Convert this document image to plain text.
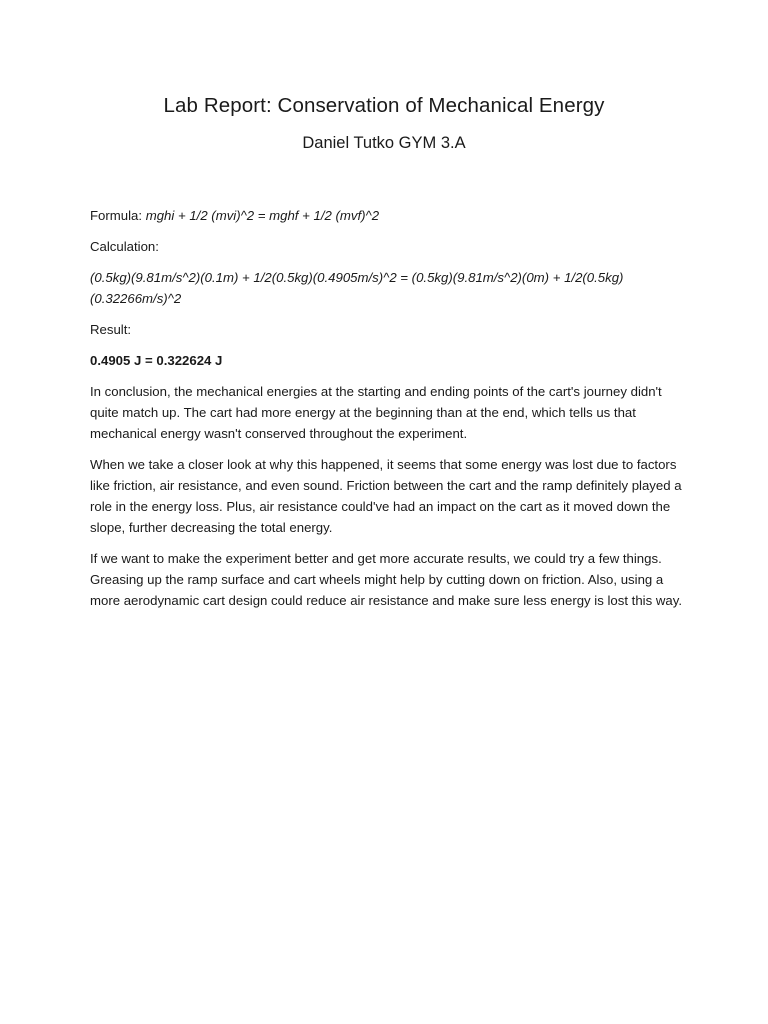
Lab Report: Conservation of Mechanical Energy
Daniel Tutko GYM 3.A

Formula: mghi + 1/2 (mvi)^2 = mghf + 1/2 (mvf)^2

Calculation:

(0.5kg)(9.81m/s^2)(0.1m) + 1/2(0.5kg)(0.4905m/s)^2 = (0.5kg)(9.81m/s^2)(0m) + 1/2(0.5kg)(0.32266m/s)^2

Result:

0.4905 J = 0.322624 J

In conclusion, the mechanical energies at the starting and ending points of the cart's journey didn't quite match up. The cart had more energy at the beginning than at the end, which tells us that mechanical energy wasn't conserved throughout the experiment.

When we take a closer look at why this happened, it seems that some energy was lost due to factors like friction, air resistance, and even sound. Friction between the cart and the ramp definitely played a role in the energy loss. Plus, air resistance could've had an impact on the cart as it moved down the slope, further decreasing the total energy.

If we want to make the experiment better and get more accurate results, we could try a few things. Greasing up the ramp surface and cart wheels might help by cutting down on friction. Also, using a more aerodynamic cart design could reduce air resistance and make sure less energy is lost this way.
